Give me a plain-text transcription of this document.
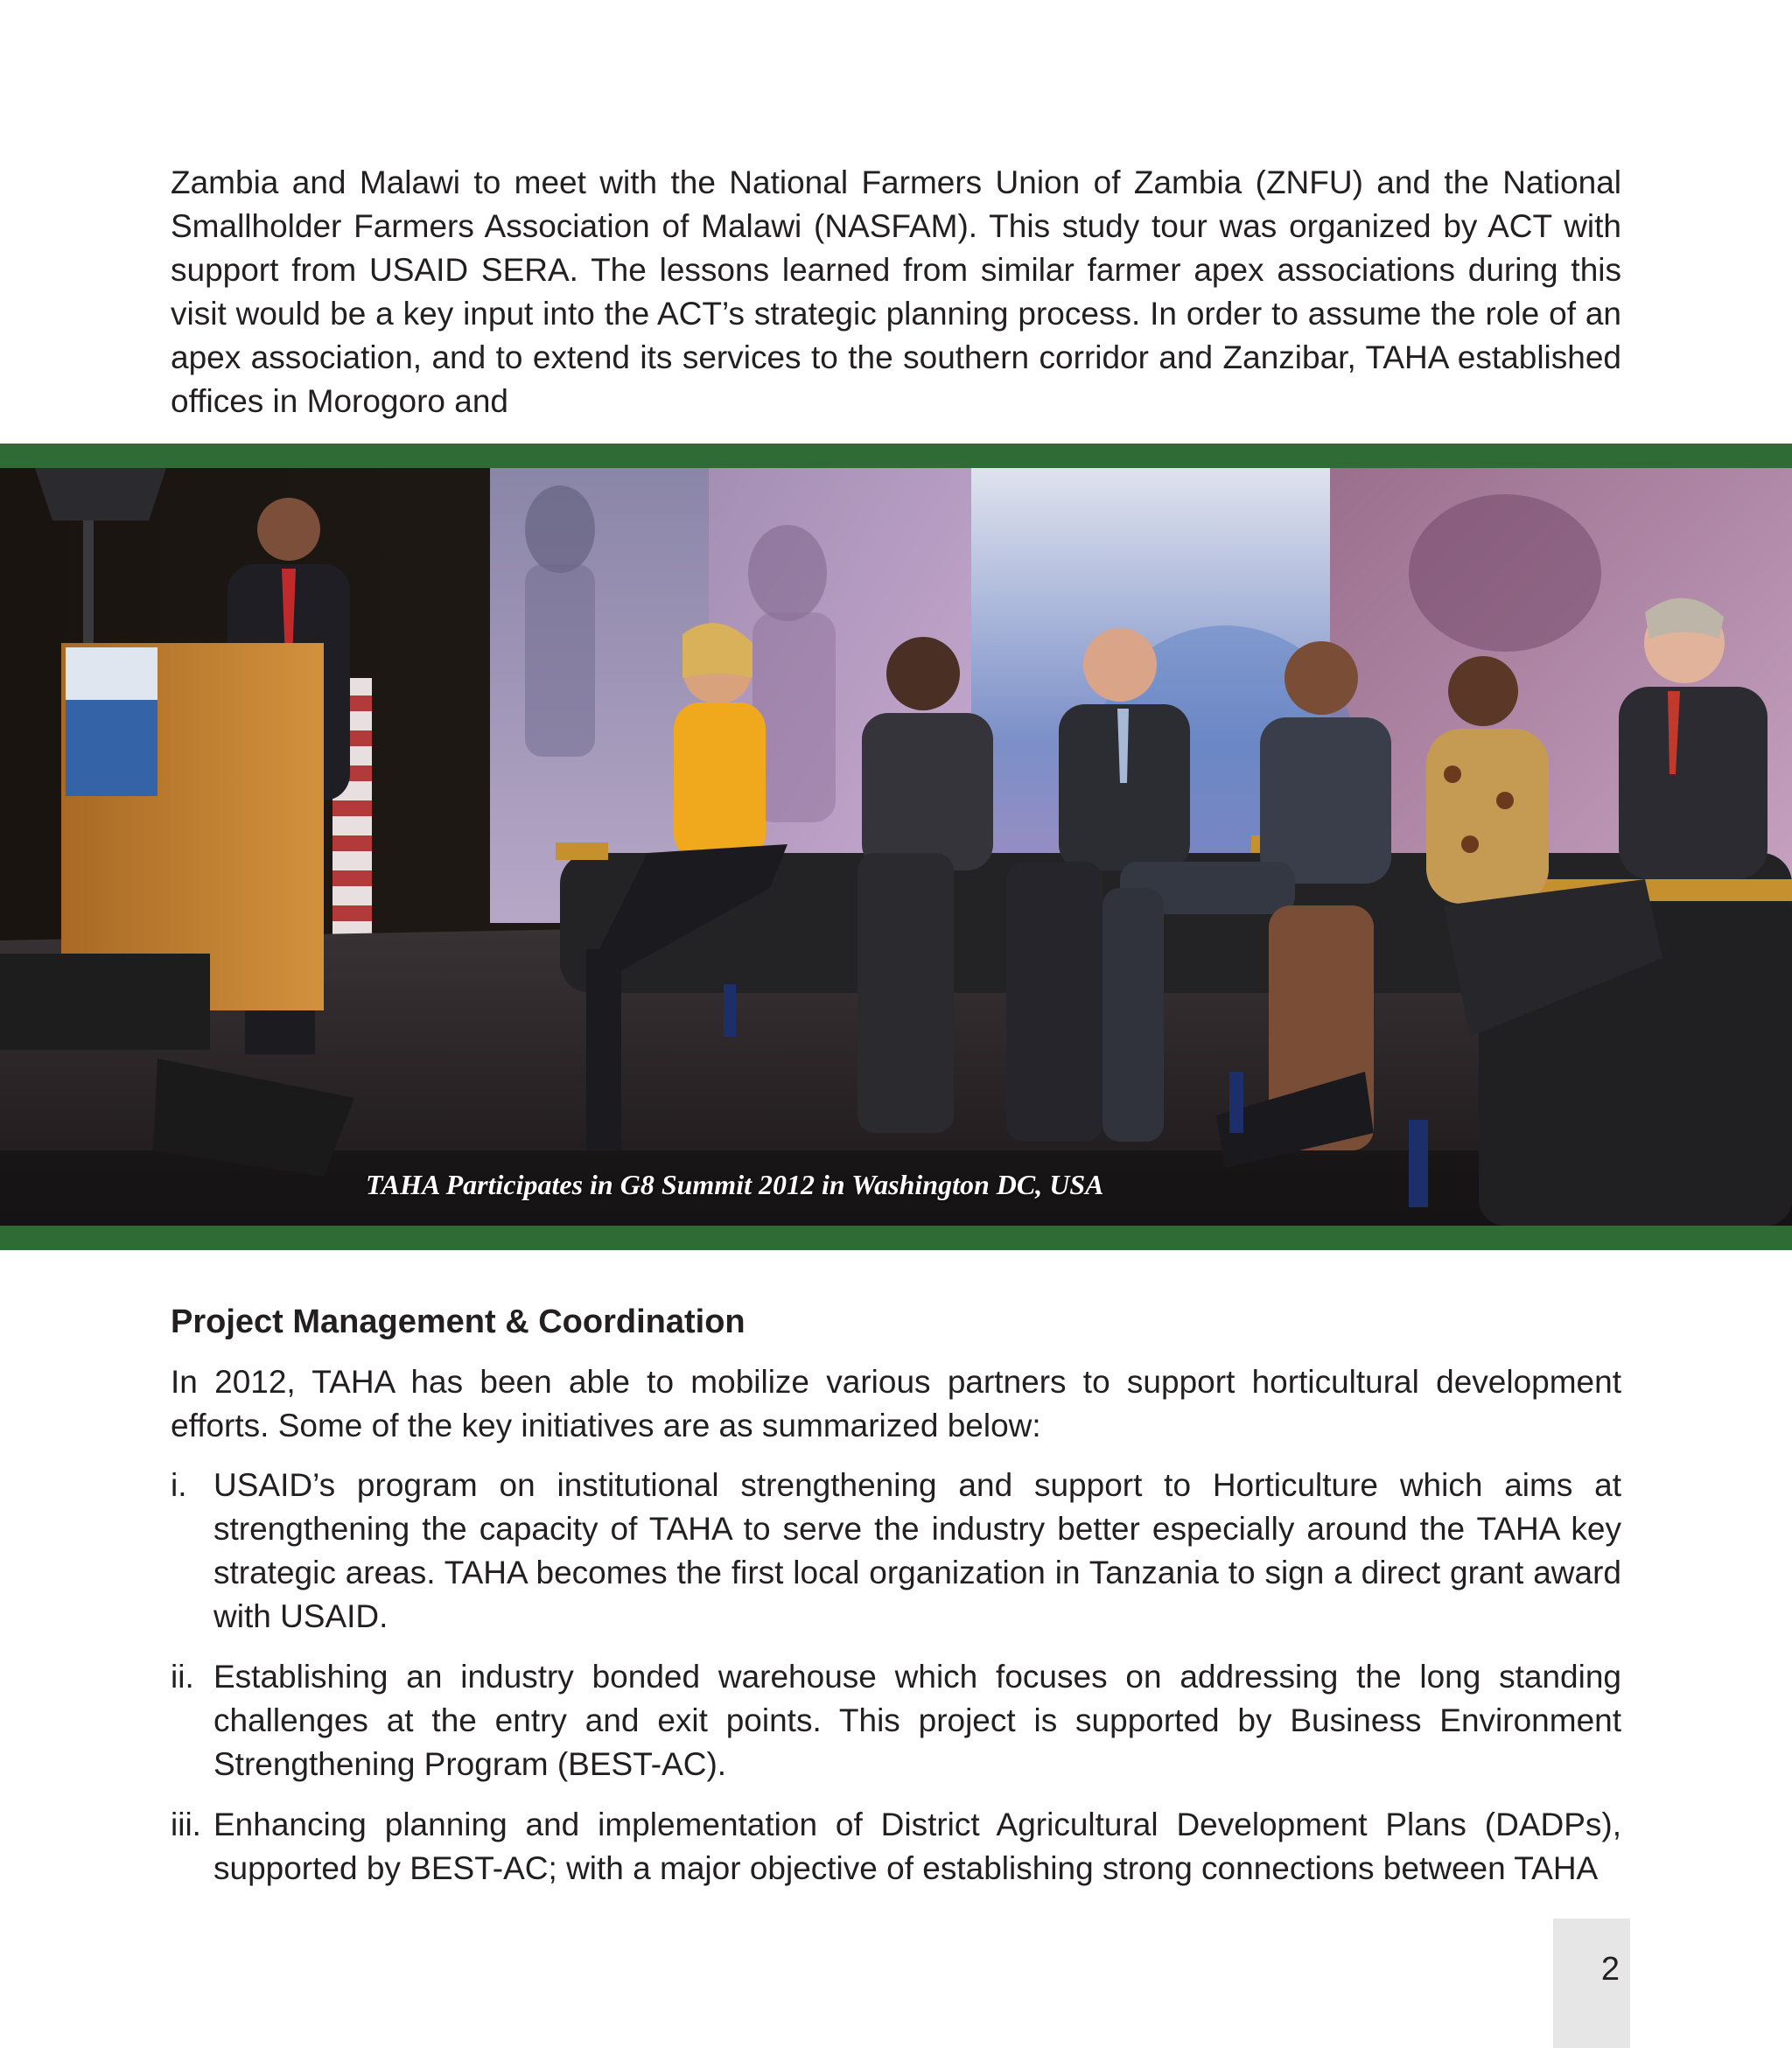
Zambia and Malawi to meet with the National Farmers Union of Zambia (ZNFU) and the National Smallholder Farmers Association of Malawi (NASFAM). This study tour was organized by ACT with support from USAID SERA. The lessons learned from similar farmer apex associations during this visit would be a key input into the ACT’s strategic planning process. In order to assume the role of an apex association, and to extend its services to the southern corridor and Zanzibar, TAHA established offices in Morogoro and

TAHA Participates in G8 Summit 2012 in Washington DC, USA
Project Management & Coordination

In 2012, TAHA has been able to mobilize various partners to support horticultural development efforts. Some of the key initiatives are as summarized below:

i. USAID’s program on institutional strengthening and support to Horticulture which aims at strengthening the capacity of TAHA to serve the industry better especially around the TAHA key strategic areas. TAHA becomes the first local organization in Tanzania to sign a direct grant award with USAID.

ii. Establishing an industry bonded warehouse which focuses on addressing the long standing challenges at the entry and exit points. This project is supported by Business Environment Strengthening Program (BEST-AC).

iii. Enhancing planning and implementation of District Agricultural Development Plans (DADPs), supported by BEST-AC; with a major objective of establishing strong connections between TAHA

2
